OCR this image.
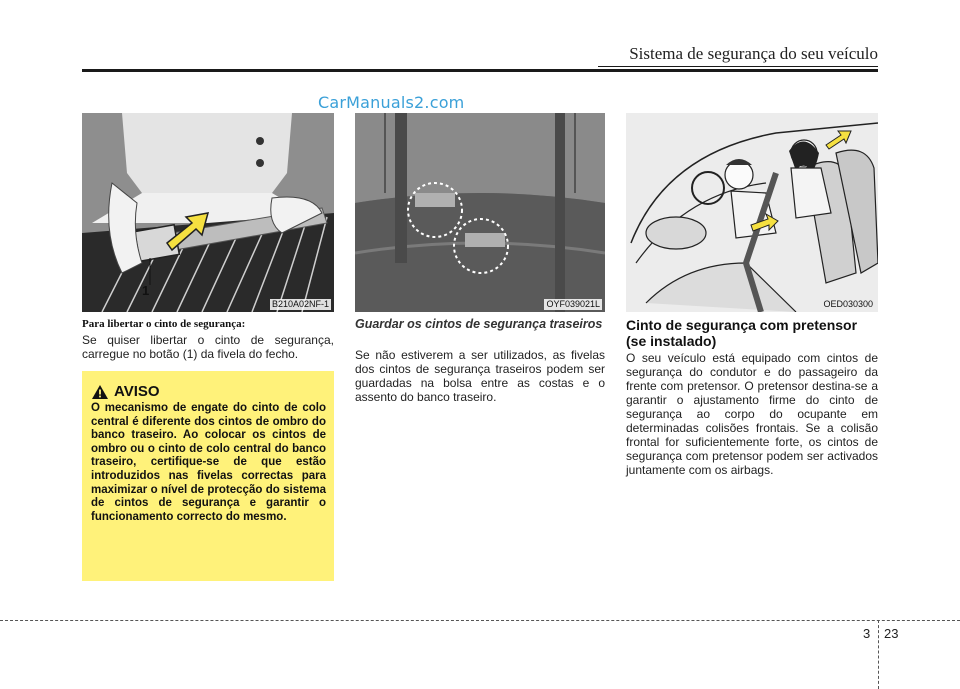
Sistema de segurança do seu veículo
CarManuals2.com
1
B210A02NF-1	OYF039021L	OED030300
Para libertar o cinto de segurança:
Se quiser libertar o cinto de segurança, carregue no botão (1) da fivela do fecho.
AVISO
O mecanismo de engate do cinto de colo central é diferente dos cintos de ombro do banco traseiro. Ao colocar os cintos de ombro ou o cinto de colo central do banco traseiro, certifique-se de que estão introduzidos nas fivelas correctas para maximizar o nível de protecção do sistema de cintos de segurança e garantir o funcionamento correcto do mesmo.
Guardar os cintos de segurança traseiros
Se não estiverem a ser utilizados, as fivelas dos cintos de segurança traseiros podem ser guardadas na bolsa entre as costas e o assento do banco traseiro.
Cinto de segurança com pretensor (se instalado)
O seu veículo está equipado com cintos de segurança do condutor e do passageiro da frente com pretensor. O pretensor destina-se a garantir o ajustamento firme do cinto de segurança ao corpo do ocupante em determinadas colisões frontais. Se a colisão frontal for suficientemente forte, os cintos de segurança com pretensor podem ser activados juntamente com os airbags.
3 23
